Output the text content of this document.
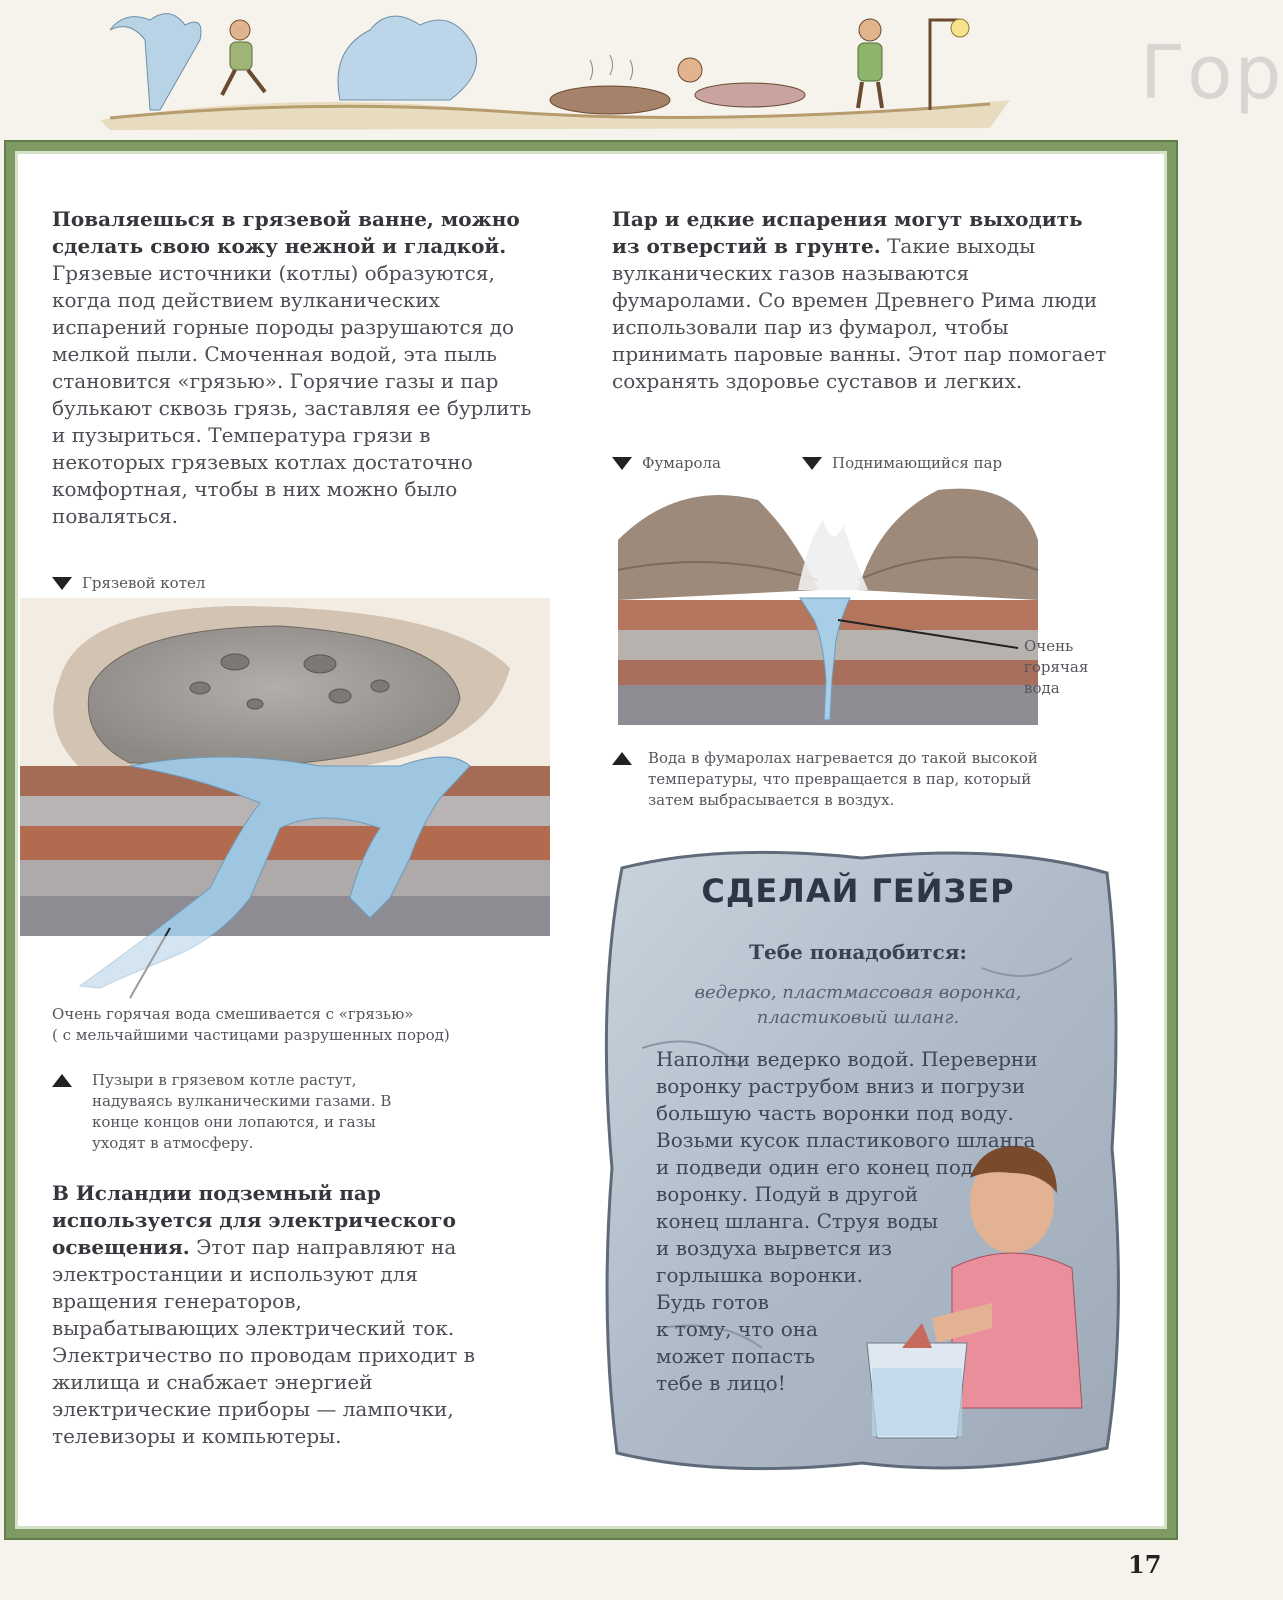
Гор

Поваляешься в грязевой ванне, можно сделать свою кожу нежной и гладкой. Грязевые источники (котлы) образуются, когда под действием вулканических испарений горные породы разрушаются до мелкой пыли. Смоченная водой, эта пыль становится «грязью». Горячие газы и пар булькают сквозь грязь, заставляя ее бурлить и пузыриться. Температура грязи в некоторых грязевых котлах достаточно комфортная, чтобы в них можно было поваляться.

Грязевой котел
Очень горячая вода смешивается с «грязью»
( с мельчайшими частицами разрушенных пород)
Пузыри в грязевом котле растут, надуваясь вулканическими газами. В конце концов они лопаются, и газы уходят в атмосферу.

В Исландии подземный пар используется для электрического освещения. Этот пар направляют на электростанции и используют для вращения генераторов, вырабатывающих электрический ток. Электричество по проводам приходит в жилища и снабжает энергией электрические приборы — лампочки, телевизоры и компьютеры.

Пар и едкие испарения могут выходить из отверстий в грунте. Такие выходы вулканических газов называются фумаролами. Со времен Древнего Рима люди использовали пар из фумарол, чтобы принимать паровые ванны. Этот пар помогает сохранять здоровье суставов и легких.

Фумарола	Поднимающийся пар
Очень горячая вода
Вода в фумаролах нагревается до такой высокой температуры, что превращается в пар, который затем выбрасывается в воздух.
СДЕЛАЙ ГЕЙЗЕР
Тебе понадобится:
ведерко, пластмассовая воронка,
пластиковый шланг.
Наполни ведерко водой. Переверни
воронку раструбом вниз и погрузи
большую часть воронки под воду.
Возьми кусок пластикового шланга
и подведи один его конец под
воронку. Подуй в другой
конец шланга. Струя воды
и воздуха вырвется из
горлышка воронки.
Будь готов
к тому, что она
может попасть
тебе в лицо!
17
